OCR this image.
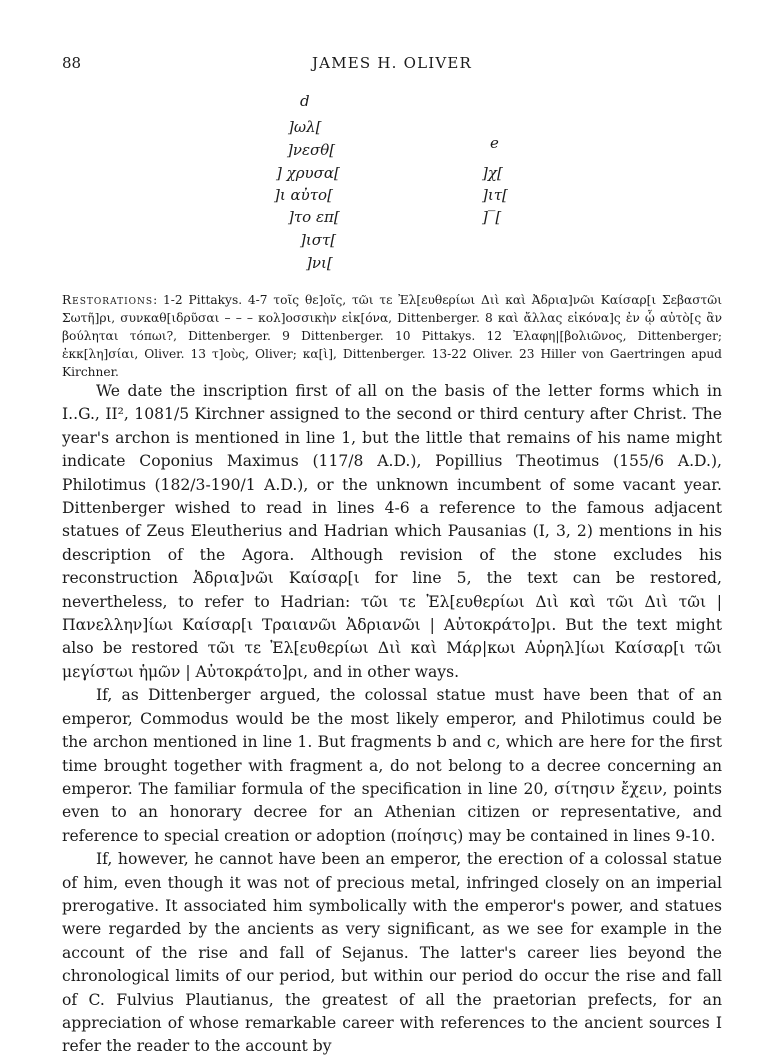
88	JAMES H. OLIVER
d
]ωλ[
]νεσθ[
] χρυσα[
]ι αὐτο[
]το επ[
]ιστ[
]νι[
e
]χ[
]ιτ[
]‾[
Restorations: 1-2 Pittakys. 4-7 τοῖς θε]οῖς, τῶι τε Ἐλ[ευθερίωι Διὶ καὶ Ἀδρια]νῶι Καίσαρ[ι Σεβαστῶι Σωτῆ]ρι, συνκαθ[ιδρῦσαι – – – κολ]οσσικὴν εἰκ[όνα, Dittenberger. 8 καὶ ἄλλας εἰκόνα]ς ἐν ᾧ αὐτὸ[ς ἂν βούληται τόπωι?, Dittenberger. 9 Dittenberger. 10 Pittakys. 12 Ἐλαφη|[βολιῶνος, Dittenberger; ἐκκ[λη]σίαι, Oliver. 13 τ]οὺς, Oliver; κα[ὶ], Dittenberger. 13-22 Oliver. 23 Hiller von Gaertringen apud Kirchner.

We date the inscription first of all on the basis of the letter forms which in I..G., II², 1081/5 Kirchner assigned to the second or third century after Christ. The year's archon is mentioned in line 1, but the little that remains of his name might indicate Coponius Maximus (117/8 A.D.), Popillius Theotimus (155/6 A.D.), Philotimus (182/3-190/1 A.D.), or the unknown incumbent of some vacant year. Dittenberger wished to read in lines 4-6 a reference to the famous adjacent statues of Zeus Eleutherius and Hadrian which Pausanias (I, 3, 2) mentions in his description of the Agora. Although revision of the stone excludes his reconstruction Ἀδρια]νῶι Καίσαρ[ι for line 5, the text can be restored, nevertheless, to refer to Hadrian: τῶι τε Ἐλ[ευθερίωι Διὶ καὶ τῶι Διὶ τῶι | Πανελλην]ίωι Καίσαρ[ι Τραιανῶι Ἀδριανῶι | Αὐτοκράτο]ρι. But the text might also be restored τῶι τε Ἐλ[ευθερίωι Διὶ καὶ Μάρ|κωι Αὐρηλ]ίωι Καίσαρ[ι τῶι μεγίστωι ἡμῶν | Αὐτοκράτο]ρι, and in other ways.

If, as Dittenberger argued, the colossal statue must have been that of an emperor, Commodus would be the most likely emperor, and Philotimus could be the archon mentioned in line 1. But fragments b and c, which are here for the first time brought together with fragment a, do not belong to a decree concerning an emperor. The familiar formula of the specification in line 20, σίτησιν ἔχειν, points even to an honorary decree for an Athenian citizen or representative, and reference to special creation or adoption (ποίησις) may be contained in lines 9-10.

If, however, he cannot have been an emperor, the erection of a colossal statue of him, even though it was not of precious metal, infringed closely on an imperial prerogative. It associated him symbolically with the emperor's power, and statues were regarded by the ancients as very significant, as we see for example in the account of the rise and fall of Sejanus. The latter's career lies beyond the chronological limits of our period, but within our period do occur the rise and fall of C. Fulvius Plautianus, the greatest of all the praetorian prefects, for an appreciation of whose remarkable career with references to the ancient sources I refer the reader to the account by
